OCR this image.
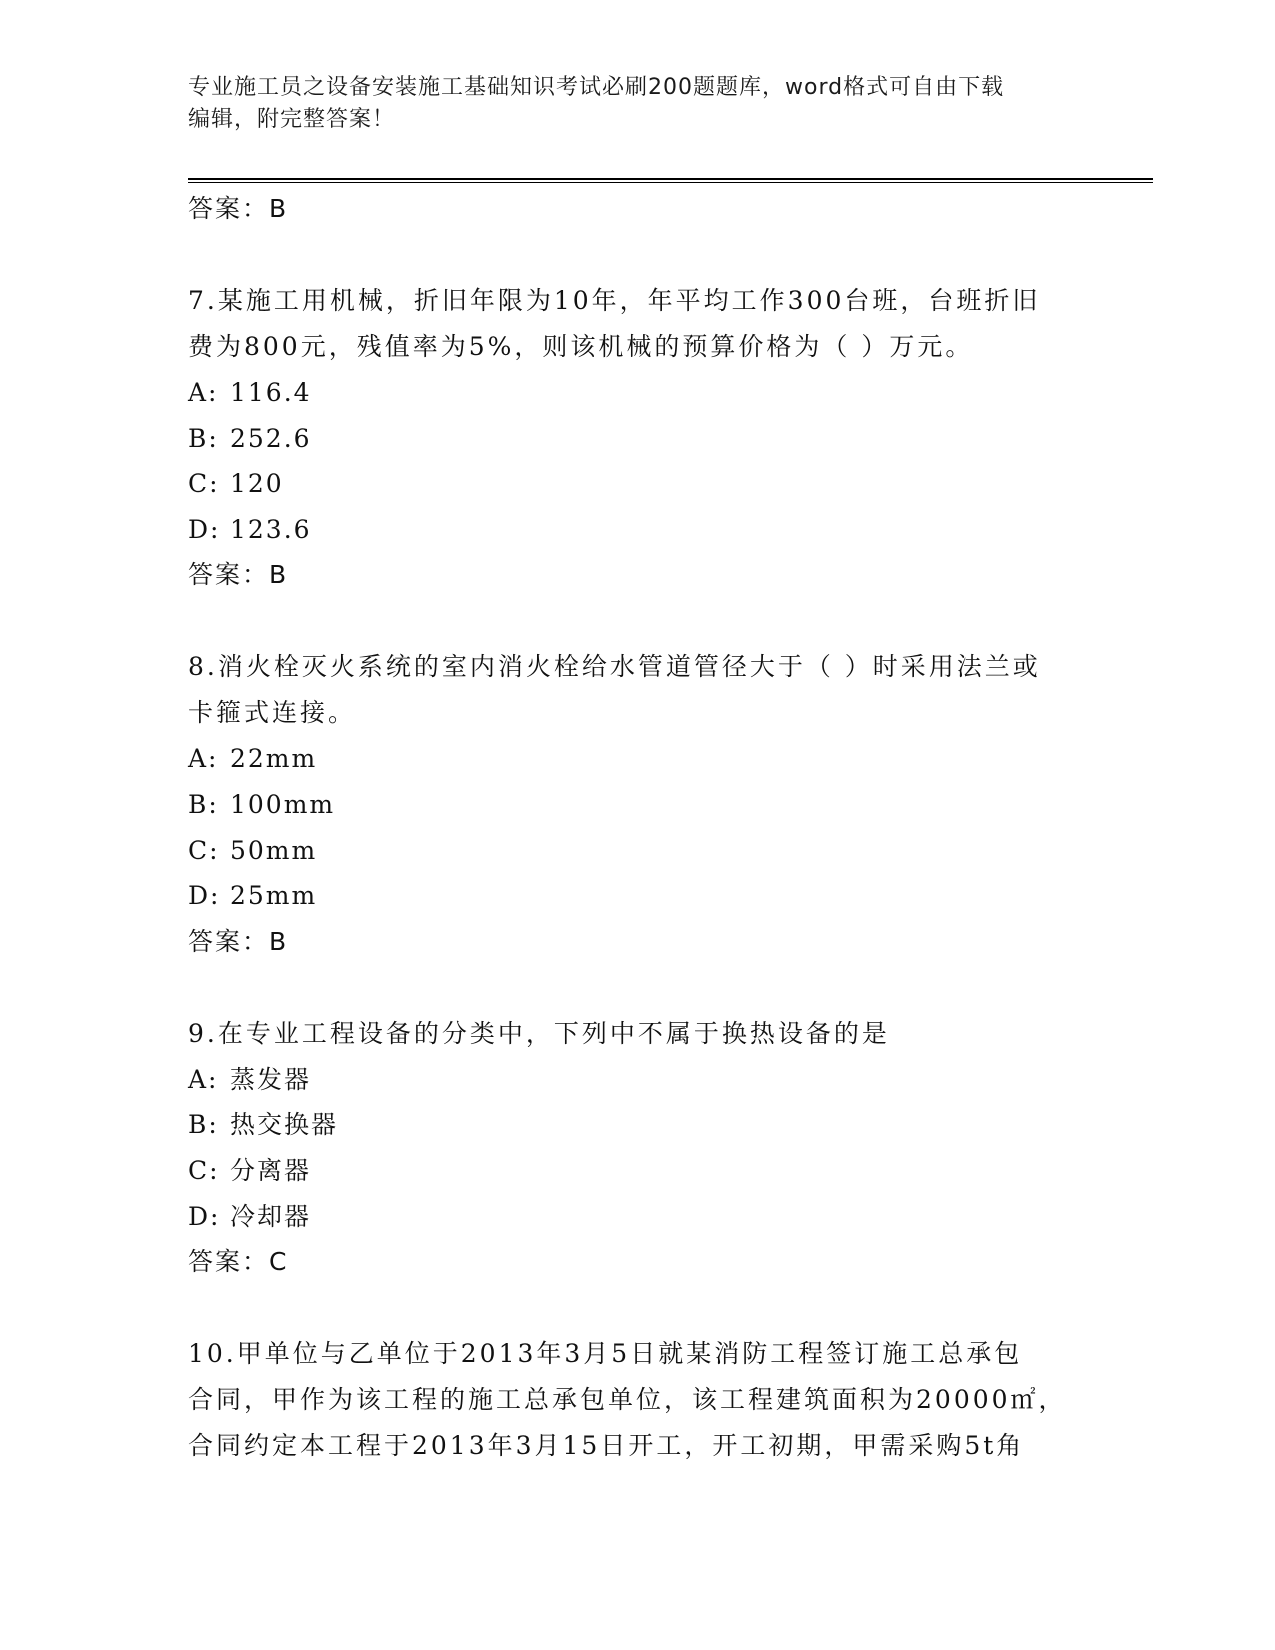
专业施工员之设备安装施工基础知识考试必刷200题题库，word格式可自由下载
编辑，附完整答案！

答案：B

7.某施工用机械，折旧年限为10年，年平均工作300台班，台班折旧

费为800元，残值率为5%，则该机械的预算价格为（ ）万元。

A: 116.4

B: 252.6

C: 120

D: 123.6

答案：B

8.消火栓灭火系统的室内消火栓给水管道管径大于（ ）时采用法兰或

卡箍式连接。

A: 22mm

B: 100mm

C: 50mm

D: 25mm

答案：B

9.在专业工程设备的分类中，下列中不属于换热设备的是

A: 蒸发器

B: 热交换器

C: 分离器

D: 冷却器

答案：C

10.甲单位与乙单位于2013年3月5日就某消防工程签订施工总承包

合同，甲作为该工程的施工总承包单位，该工程建筑面积为20000㎡，

合同约定本工程于2013年3月15日开工，开工初期，甲需采购5t角
